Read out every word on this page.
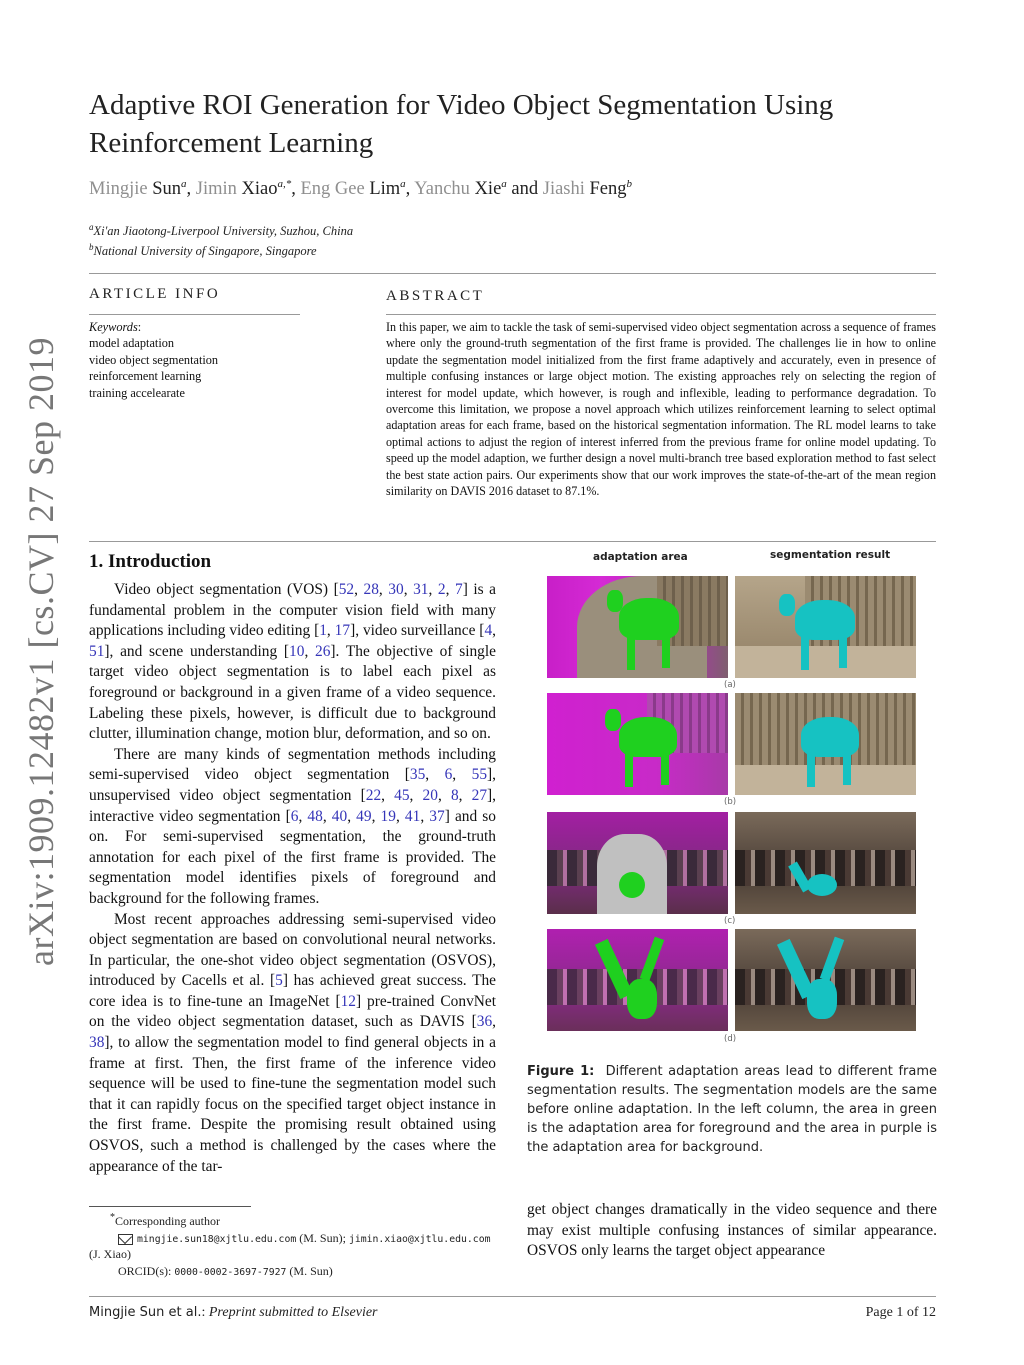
Adaptive ROI Generation for Video Object Segmentation Using Reinforcement Learning
Mingjie Sun$^a$, Jimin Xiao$^{a,*}$, Eng Gee Lim$^a$, Yanchu Xie$^a$ and Jiashi Feng$^b$
$^a$Xi'an Jiaotong-Liverpool University, Suzhou, China
$^b$National University of Singapore, Singapore
ARTICLE INFO
Keywords:
model adaptation
video object segmentation
reinforcement learning
training accelearate
ABSTRACT
In this paper, we aim to tackle the task of semi-supervised video object segmentation across a sequence of frames where only the ground-truth segmentation of the first frame is provided. The challenges lie in how to online update the segmentation model initialized from the first frame adaptively and accurately, even in presence of multiple confusing instances or large object motion. The existing approaches rely on selecting the region of interest for model update, which however, is rough and inflexible, leading to performance degradation. To overcome this limitation, we propose a novel approach which utilizes reinforcement learning to select optimal adaptation areas for each frame, based on the historical segmentation information. The RL model learns to take optimal actions to adjust the region of interest inferred from the previous frame for online model updating. To speed up the model adaption, we further design a novel multi-branch tree based exploration method to fast select the best state action pairs. Our experiments show that our work improves the state-of-the-art of the mean region similarity on DAVIS 2016 dataset to 87.1%.
arXiv:1909.12482v1 [cs.CV] 27 Sep 2019 1. Introduction

Video object segmentation (VOS) [52, 28, 30, 31, 2, 7] is a fundamental problem in the computer vision field with many applications including video editing [1, 17], video surveillance [4, 51], and scene understanding [10, 26]. The objective of single target video object segmentation is to label each pixel as foreground or background in a given frame of a video sequence. Labeling these pixels, however, is difficult due to background clutter, illumination change, motion blur, deformation, and so on.

There are many kinds of segmentation methods including semi-supervised video object segmentation [35, 6, 55], unsupervised video object segmentation [22, 45, 20, 8, 27], interactive video segmentation [6, 48, 40, 49, 19, 41, 37] and so on. For semi-supervised segmentation, the ground-truth annotation for each pixel of the first frame is provided. The segmentation model identifies pixels of foreground and background for the following frames.

Most recent approaches addressing semi-supervised video object segmentation are based on convolutional neural networks. In particular, the one-shot video object segmentation (OSVOS), introduced by Cacells et al. [5] has achieved great success. The core idea is to fine-tune an ImageNet [12] pre-trained ConvNet on the video object segmentation dataset, such as DAVIS [36, 38], to allow the segmentation model to find general objects in a frame at first. Then, the first frame of the inference video sequence will be used to fine-tune the segmentation model such that it can rapidly focus on the specified target object instance in the first frame. Despite the promising result obtained using OSVOS, such a method is challenged by the cases where the appearance of the tar-

adaptation area	segmentation result
(a)
(b)
(c)
(d)
Figure 1: Different adaptation areas lead to different frame segmentation results. The segmentation models are the same before online adaptation. In the left column, the area in green is the adaptation area for foreground and the area in purple is the adaptation area for background.
get object changes dramatically in the video sequence and there may exist multiple confusing instances of similar appearance. OSVOS only learns the target object appearance
*Corresponding author
mingjie.sun18@xjtlu.edu.com (M. Sun); jimin.xiao@xjtlu.edu.com
(J. Xiao)
ORCID(s): 0000-0002-3697-7927 (M. Sun)
Mingjie Sun et al.: Preprint submitted to Elsevier	Page 1 of 12
